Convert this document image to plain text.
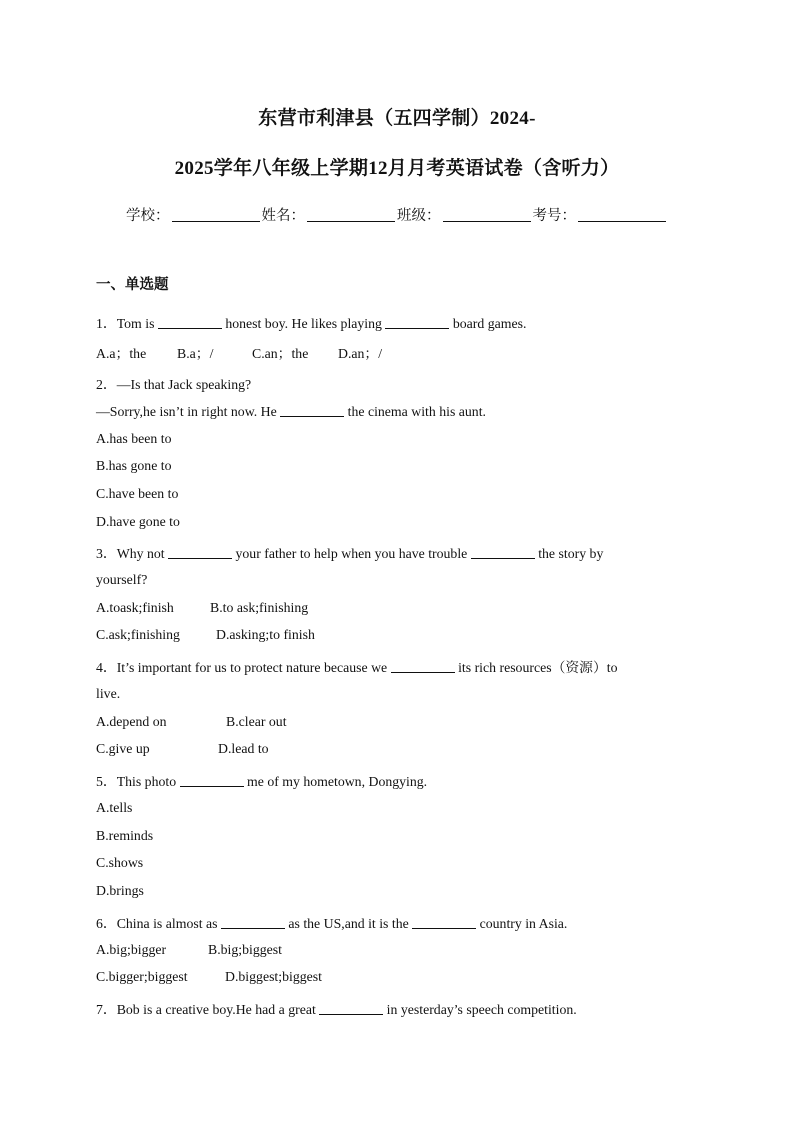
东营市利津县（五四学制）2024-
2025学年八年级上学期12月月考英语试卷（含听力）
学校：	姓名：	班级：	考号：
一、单选题
1．Tom is	honest boy. He likes playing	board games.
A.a；the B.a；/	C.an；the D.an；/
2．—Is that Jack speaking?
—Sorry,he isn’t in right now. He	the cinema with his aunt.
A.has been to
B.has gone to
C.have been to
D.have gone to
3．Why not	your father to help when you have trouble	the story by
yourself?
A.toask;finish	B.to ask;finishing
C.ask;finishing	D.asking;to finish
4．It’s important for us to protect nature because we	its rich resources（资源）to
live.
A.depend on	B.clear out
C.give up	D.lead to
5．This photo	me of my hometown, Dongying.
A.tells
B.reminds
C.shows
D.brings
6．China is almost as	as the US,and it is the	country in Asia.
A.big;bigger	B.big;biggest
C.bigger;biggest	D.biggest;biggest
7．Bob is a creative boy.He had a great	in yesterday’s speech competition.
